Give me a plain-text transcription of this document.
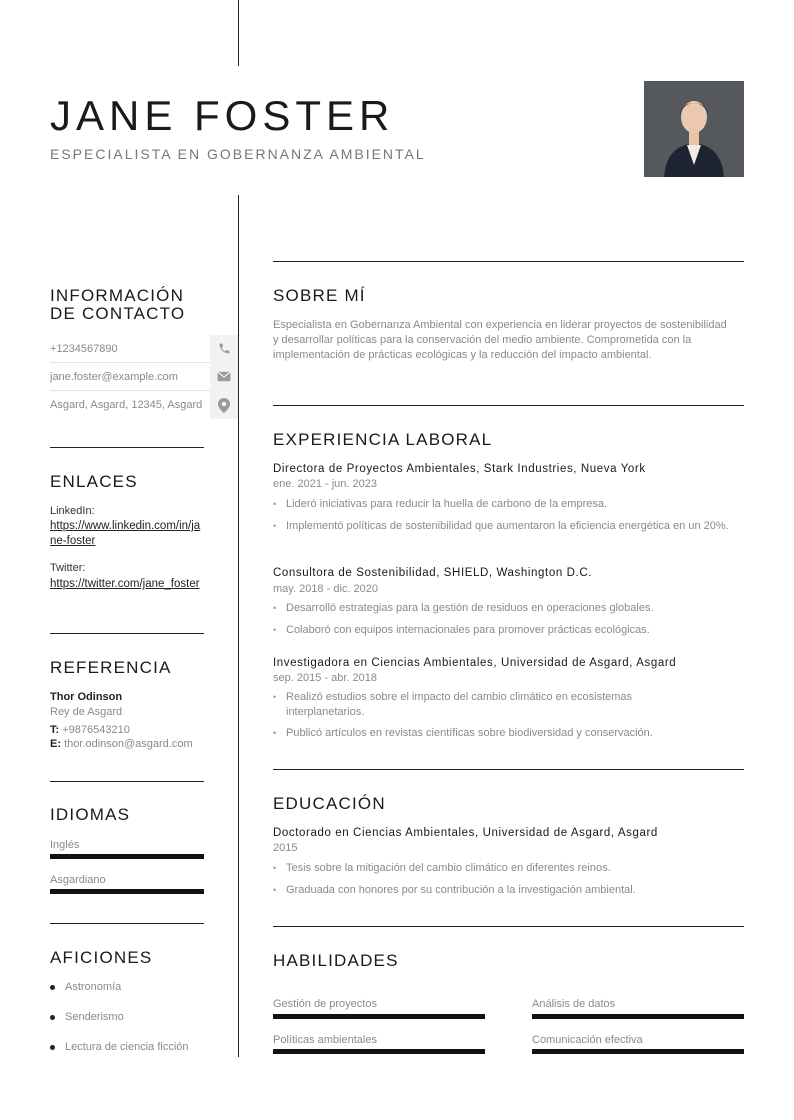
JANE FOSTER
ESPECIALISTA EN GOBERNANZA AMBIENTAL
INFORMACIÓN
DE CONTACTO
+1234567890
jane.foster@example.com
Asgard, Asgard, 12345, Asgard
ENLACES
LinkedIn:
https://www.linkedin.com/in/jane-foster
Twitter:
https://twitter.com/jane_foster
REFERENCIA
Thor Odinson
Rey de Asgard
T: +9876543210
E: thor.odinson@asgard.com
IDIOMAS
Inglés
Asgardiano
AFICIONES
Astronomía
Senderismo
Lectura de ciencia ficción
SOBRE MÍ
Especialista en Gobernanza Ambiental con experiencia en liderar proyectos de sostenibilidad y desarrollar políticas para la conservación del medio ambiente. Comprometida con la implementación de prácticas ecológicas y la reducción del impacto ambiental.
EXPERIENCIA LABORAL
Directora de Proyectos Ambientales, Stark Industries, Nueva York
ene. 2021 - jun. 2023
• Lideró iniciativas para reducir la huella de carbono de la empresa.
• Implementó políticas de sostenibilidad que aumentaron la eficiencia energética en un 20%.
Consultora de Sostenibilidad, SHIELD, Washington D.C.
may. 2018 - dic. 2020
• Desarrolló estrategias para la gestión de residuos en operaciones globales.
• Colaboró con equipos internacionales para promover prácticas ecológicas.
Investigadora en Ciencias Ambientales, Universidad de Asgard, Asgard
sep. 2015 - abr. 2018
• Realizó estudios sobre el impacto del cambio climático en ecosistemas interplanetarios.
• Publicó artículos en revistas científicas sobre biodiversidad y conservación.
EDUCACIÓN
Doctorado en Ciencias Ambientales, Universidad de Asgard, Asgard
2015
• Tesis sobre la mitigación del cambio climático en diferentes reinos.
• Graduada con honores por su contribución a la investigación ambiental.
HABILIDADES
Gestión de proyectos	Análisis de datos
Políticas ambientales	Comunicación efectiva
